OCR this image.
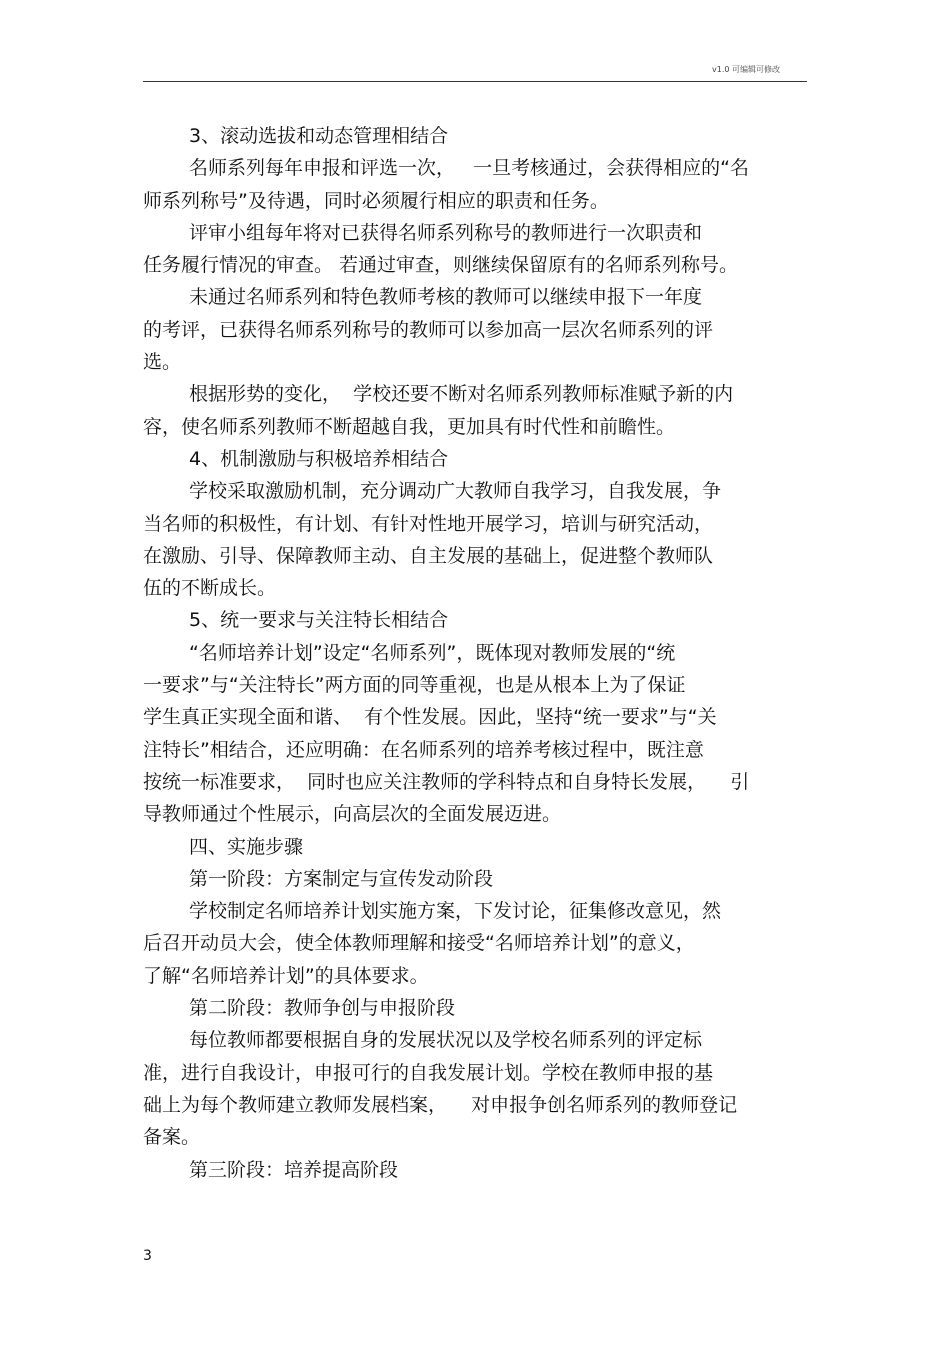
v1.0 可编辑可修改
3、滚动选拔和动态管理相结合
名师系列每年申报和评选一次，   一旦考核通过，会获得相应的“名
师系列称号”及待遇，同时必须履行相应的职责和任务。
评审小组每年将对已获得名师系列称号的教师进行一次职责和
任务履行情况的审查。 若通过审查，则继续保留原有的名师系列称号。
未通过名师系列和特色教师考核的教师可以继续申报下一年度
的考评，已获得名师系列称号的教师可以参加高一层次名师系列的评
选。
根据形势的变化，  学校还要不断对名师系列教师标准赋予新的内
容，使名师系列教师不断超越自我，更加具有时代性和前瞻性。
4、机制激励与积极培养相结合
学校采取激励机制，充分调动广大教师自我学习，自我发展，争
当名师的积极性，有计划、有针对性地开展学习，培训与研究活动，
在激励、引导、保障教师主动、自主发展的基础上，促进整个教师队
伍的不断成长。
5、统一要求与关注特长相结合
“名师培养计划”设定“名师系列”，既体现对教师发展的“统
一要求”与“关注特长”两方面的同等重视，也是从根本上为了保证
学生真正实现全面和谐、  有个性发展。因此，坚持“统一要求”与“关
注特长”相结合，还应明确：在名师系列的培养考核过程中，既注意
按统一标准要求，  同时也应关注教师的学科特点和自身特长发展，    引
导教师通过个性展示，向高层次的全面发展迈进。
四、实施步骤
第一阶段：方案制定与宣传发动阶段
学校制定名师培养计划实施方案，下发讨论，征集修改意见，然
后召开动员大会，使全体教师理解和接受“名师培养计划”的意义，
了解“名师培养计划”的具体要求。
第二阶段：教师争创与申报阶段
每位教师都要根据自身的发展状况以及学校名师系列的评定标
准，进行自我设计，申报可行的自我发展计划。学校在教师申报的基
础上为每个教师建立教师发展档案，    对申报争创名师系列的教师登记
备案。
第三阶段：培养提高阶段
3
